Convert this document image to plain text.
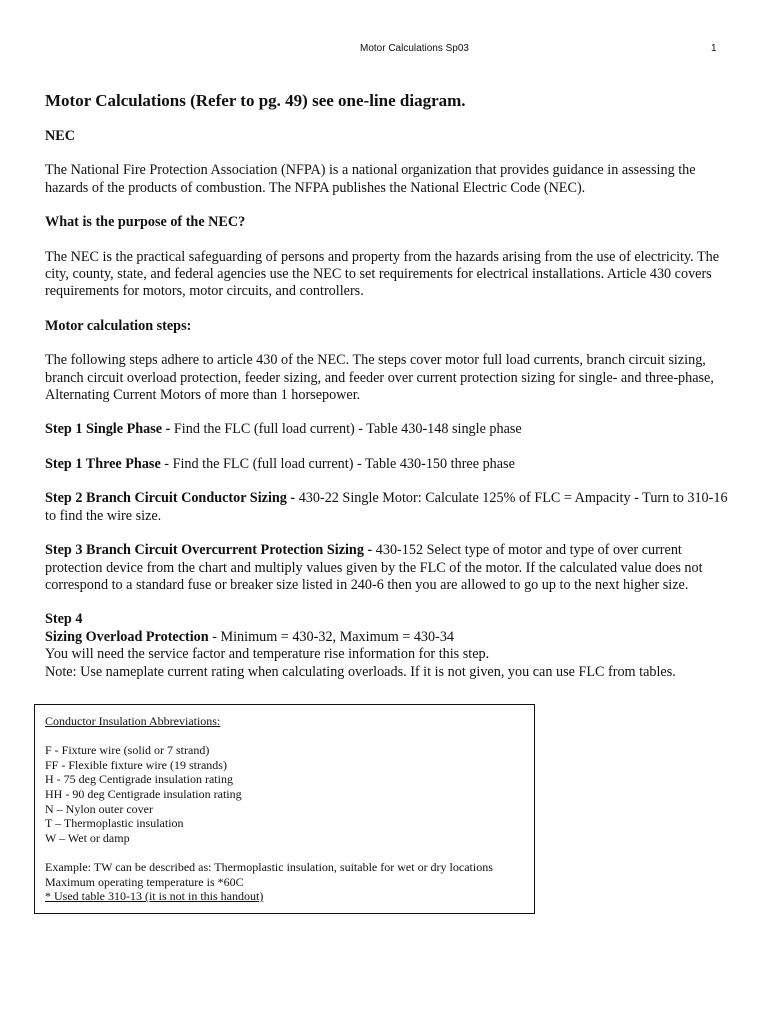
Motor Calculations Sp03	1
Motor Calculations (Refer to pg. 49) see one-line diagram.
NEC

The National Fire Protection Association (NFPA) is a national organization that provides guidance in assessing the hazards of the products of combustion. The NFPA publishes the National Electric Code (NEC).

What is the purpose of the NEC?

The NEC is the practical safeguarding of persons and property from the hazards arising from the use of electricity. The city, county, state, and federal agencies use the NEC to set requirements for electrical installations. Article 430 covers requirements for motors, motor circuits, and controllers.

Motor calculation steps:

The following steps adhere to article 430 of the NEC. The steps cover motor full load currents, branch circuit sizing, branch circuit overload protection, feeder sizing, and feeder over current protection sizing for single- and three-phase, Alternating Current Motors of more than 1 horsepower.

Step 1 Single Phase - Find the FLC (full load current) - Table 430-148 single phase

Step 1 Three Phase - Find the FLC (full load current) - Table 430-150 three phase

Step 2 Branch Circuit Conductor Sizing - 430-22 Single Motor: Calculate 125% of FLC = Ampacity - Turn to 310-16 to find the wire size.

Step 3 Branch Circuit Overcurrent Protection Sizing - 430-152 Select type of motor and type of over current protection device from the chart and multiply values given by the FLC of the motor. If the calculated value does not correspond to a standard fuse or breaker size listed in 240-6 then you are allowed to go up to the next higher size.

Step 4
Sizing Overload Protection - Minimum = 430-32, Maximum = 430-34
You will need the service factor and temperature rise information for this step.
Note: Use nameplate current rating when calculating overloads. If it is not given, you can use FLC from tables.
Conductor Insulation Abbreviations:
F - Fixture wire (solid or 7 strand)
FF - Flexible fixture wire (19 strands)
H - 75 deg Centigrade insulation rating
HH - 90 deg Centigrade insulation rating
N – Nylon outer cover
T – Thermoplastic insulation
W – Wet or damp
Example: TW can be described as: Thermoplastic insulation, suitable for wet or dry locations
Maximum operating temperature is *60C
* Used table 310-13 (it is not in this handout)
